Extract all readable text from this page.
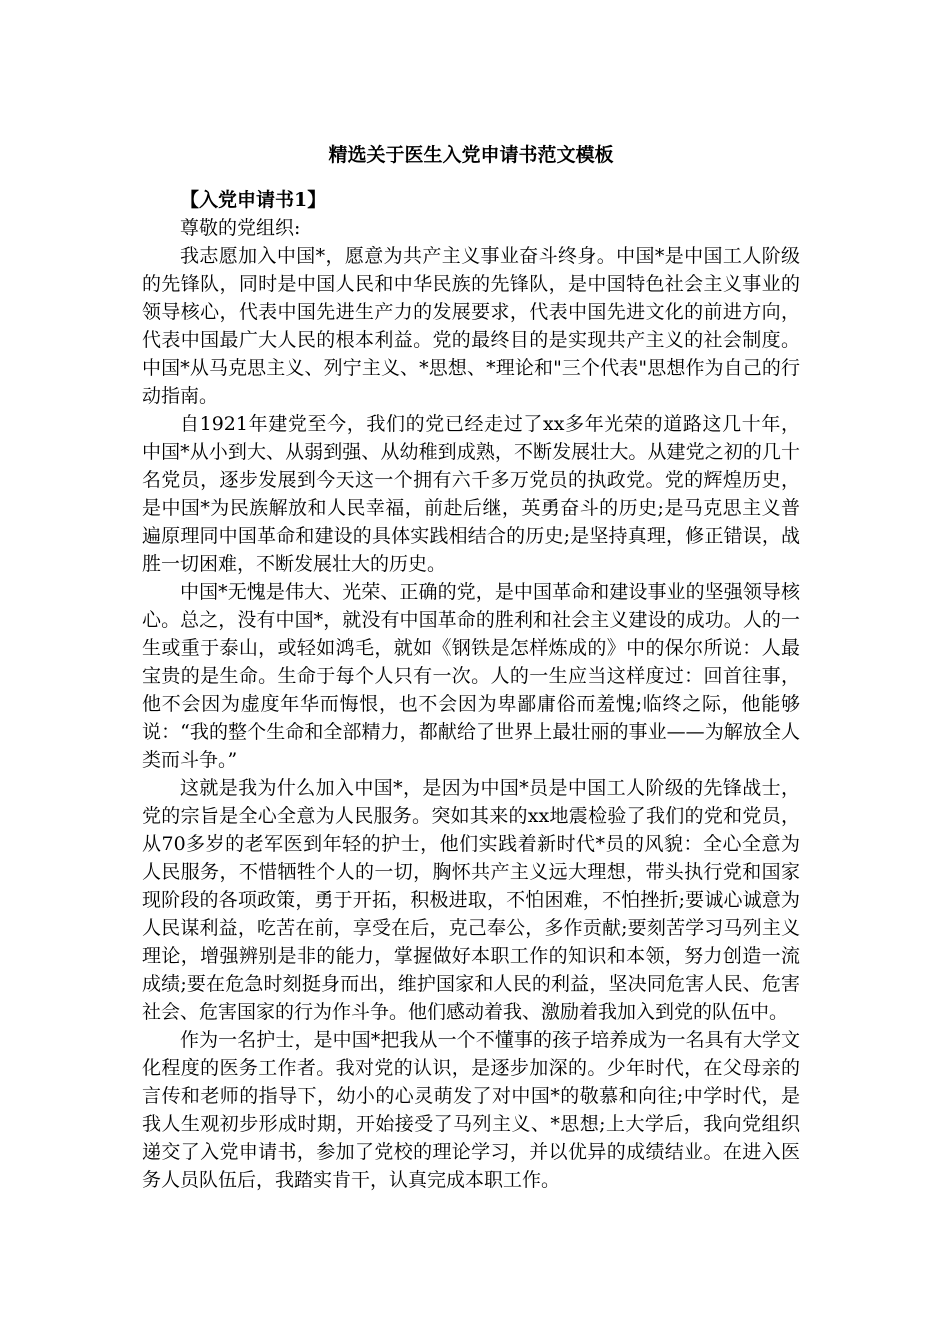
精选关于医生入党申请书范文模板

【入党申请书1】

尊敬的党组织:

我志愿加入中国*，愿意为共产主义事业奋斗终身。中国*是中国工人阶级的先锋队，同时是中国人民和中华民族的先锋队，是中国特色社会主义事业的领导核心，代表中国先进生产力的发展要求，代表中国先进文化的前进方向，代表中国最广大人民的根本利益。党的最终目的是实现共产主义的社会制度。中国*从马克思主义、列宁主义、*思想、*理论和"三个代表"思想作为自己的行动指南。

自1921年建党至今，我们的党已经走过了xx多年光荣的道路这几十年，中国*从小到大、从弱到强、从幼稚到成熟，不断发展壮大。从建党之初的几十名党员，逐步发展到今天这一个拥有六千多万党员的执政党。党的辉煌历史，是中国*为民族解放和人民幸福，前赴后继，英勇奋斗的历史;是马克思主义普遍原理同中国革命和建设的具体实践相结合的历史;是坚持真理，修正错误，战胜一切困难，不断发展壮大的历史。

中国*无愧是伟大、光荣、正确的党，是中国革命和建设事业的坚强领导核心。总之，没有中国*，就没有中国革命的胜利和社会主义建设的成功。人的一生或重于泰山，或轻如鸿毛，就如《钢铁是怎样炼成的》中的保尔所说：人最宝贵的是生命。生命于每个人只有一次。人的一生应当这样度过：回首往事，他不会因为虚度年华而悔恨，也不会因为卑鄙庸俗而羞愧;临终之际，他能够说：“我的整个生命和全部精力，都献给了世界上最壮丽的事业——为解放全人类而斗争。”

这就是我为什么加入中国*，是因为中国*员是中国工人阶级的先锋战士，党的宗旨是全心全意为人民服务。突如其来的xx地震检验了我们的党和党员，从70多岁的老军医到年轻的护士，他们实践着新时代*员的风貌：全心全意为人民服务，不惜牺牲个人的一切，胸怀共产主义远大理想，带头执行党和国家现阶段的各项政策，勇于开拓，积极进取，不怕困难，不怕挫折;要诚心诚意为人民谋利益，吃苦在前，享受在后，克己奉公，多作贡献;要刻苦学习马列主义理论，增强辨别是非的能力，掌握做好本职工作的知识和本领，努力创造一流成绩;要在危急时刻挺身而出，维护国家和人民的利益，坚决同危害人民、危害社会、危害国家的行为作斗争。他们感动着我、激励着我加入到党的队伍中。

作为一名护士，是中国*把我从一个不懂事的孩子培养成为一名具有大学文化程度的医务工作者。我对党的认识，是逐步加深的。少年时代，在父母亲的言传和老师的指导下，幼小的心灵萌发了对中国*的敬慕和向往;中学时代，是我人生观初步形成时期，开始接受了马列主义、*思想;上大学后，我向党组织递交了入党申请书，参加了党校的理论学习，并以优异的成绩结业。在进入医务人员队伍后，我踏实肯干，认真完成本职工作。
